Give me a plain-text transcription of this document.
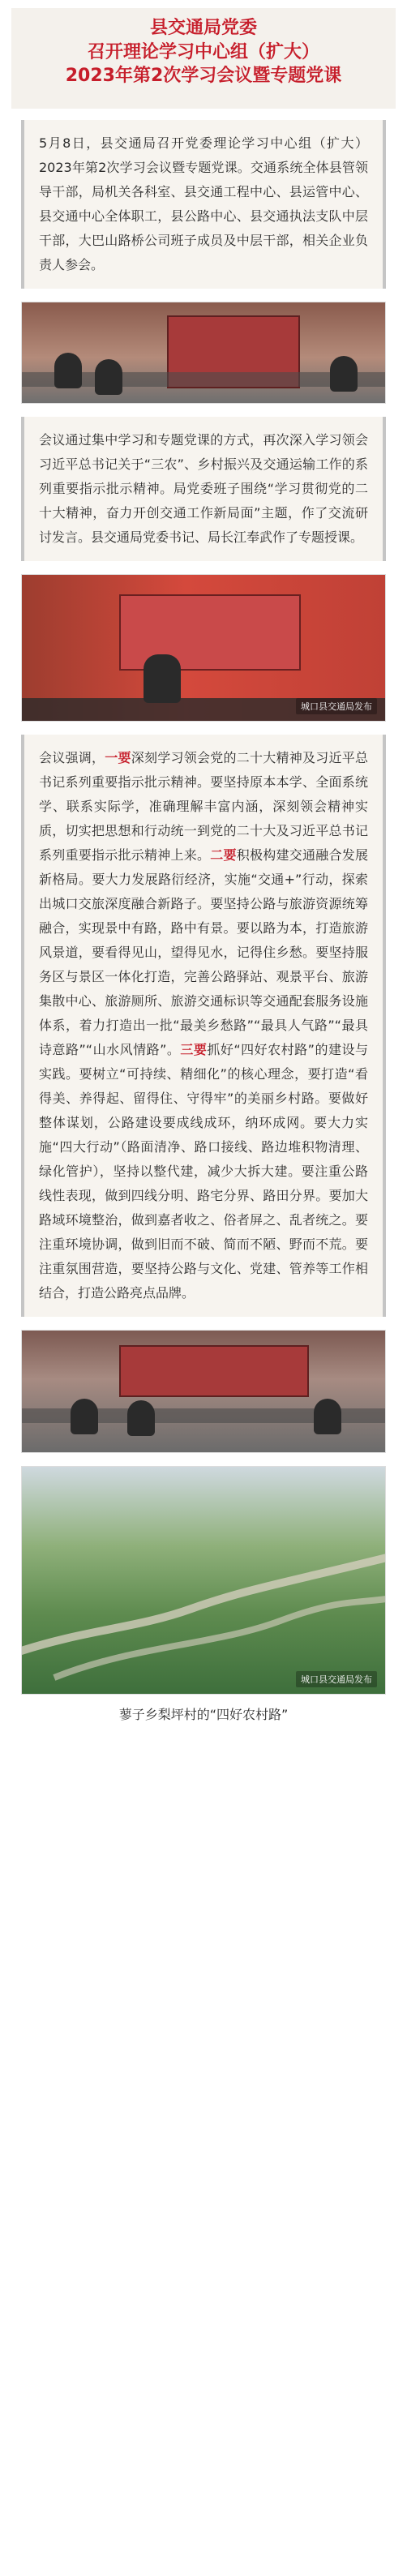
县交通局党委
召开理论学习中心组（扩大）
2023年第2次学习会议暨专题党课
5月8日，县交通局召开党委理论学习中心组（扩大）2023年第2次学习会议暨专题党课。交通系统全体县管领导干部，局机关各科室、县交通工程中心、县运管中心、县交通中心全体职工，县公路中心、县交通执法支队中层干部，大巴山路桥公司班子成员及中层干部，相关企业负责人参会。
会议通过集中学习和专题党课的方式，再次深入学习领会习近平总书记关于“三农”、乡村振兴及交通运输工作的系列重要指示批示精神。局党委班子围绕“学习贯彻党的二十大精神，奋力开创交通工作新局面”主题，作了交流研讨发言。县交通局党委书记、局长江奉武作了专题授课。
城口县交通局发布
会议强调，一要深刻学习领会党的二十大精神及习近平总书记系列重要指示批示精神。要坚持原本本学、全面系统学、联系实际学，准确理解丰富内涵，深刻领会精神实质，切实把思想和行动统一到党的二十大及习近平总书记系列重要指示批示精神上来。二要积极构建交通融合发展新格局。要大力发展路衍经济，实施“交通+”行动，探索出城口交旅深度融合新路子。要坚持公路与旅游资源统筹融合，实现景中有路，路中有景。要以路为本，打造旅游风景道，要看得见山，望得见水，记得住乡愁。要坚持服务区与景区一体化打造，完善公路驿站、观景平台、旅游集散中心、旅游厕所、旅游交通标识等交通配套服务设施体系，着力打造出一批“最美乡愁路”“最具人气路”“最具诗意路”“山水风情路”。三要抓好“四好农村路”的建设与实践。要树立“可持续、精细化”的核心理念，要打造“看得美、养得起、留得住、守得牢”的美丽乡村路。要做好整体谋划，公路建设要成线成环，纳环成网。要大力实施“四大行动”（路面清净、路口接线、路边堆积物清理、绿化管护），坚持以整代建，减少大拆大建。要注重公路线性表现，做到四线分明、路宅分界、路田分界。要加大路域环境整治，做到嘉者收之、俗者屏之、乱者统之。要注重环境协调，做到旧而不破、简而不陋、野而不荒。要注重氛围营造，要坚持公路与文化、党建、管养等工作相结合，打造公路亮点品牌。
城口县交通局发布
蓼子乡梨坪村的“四好农村路”
